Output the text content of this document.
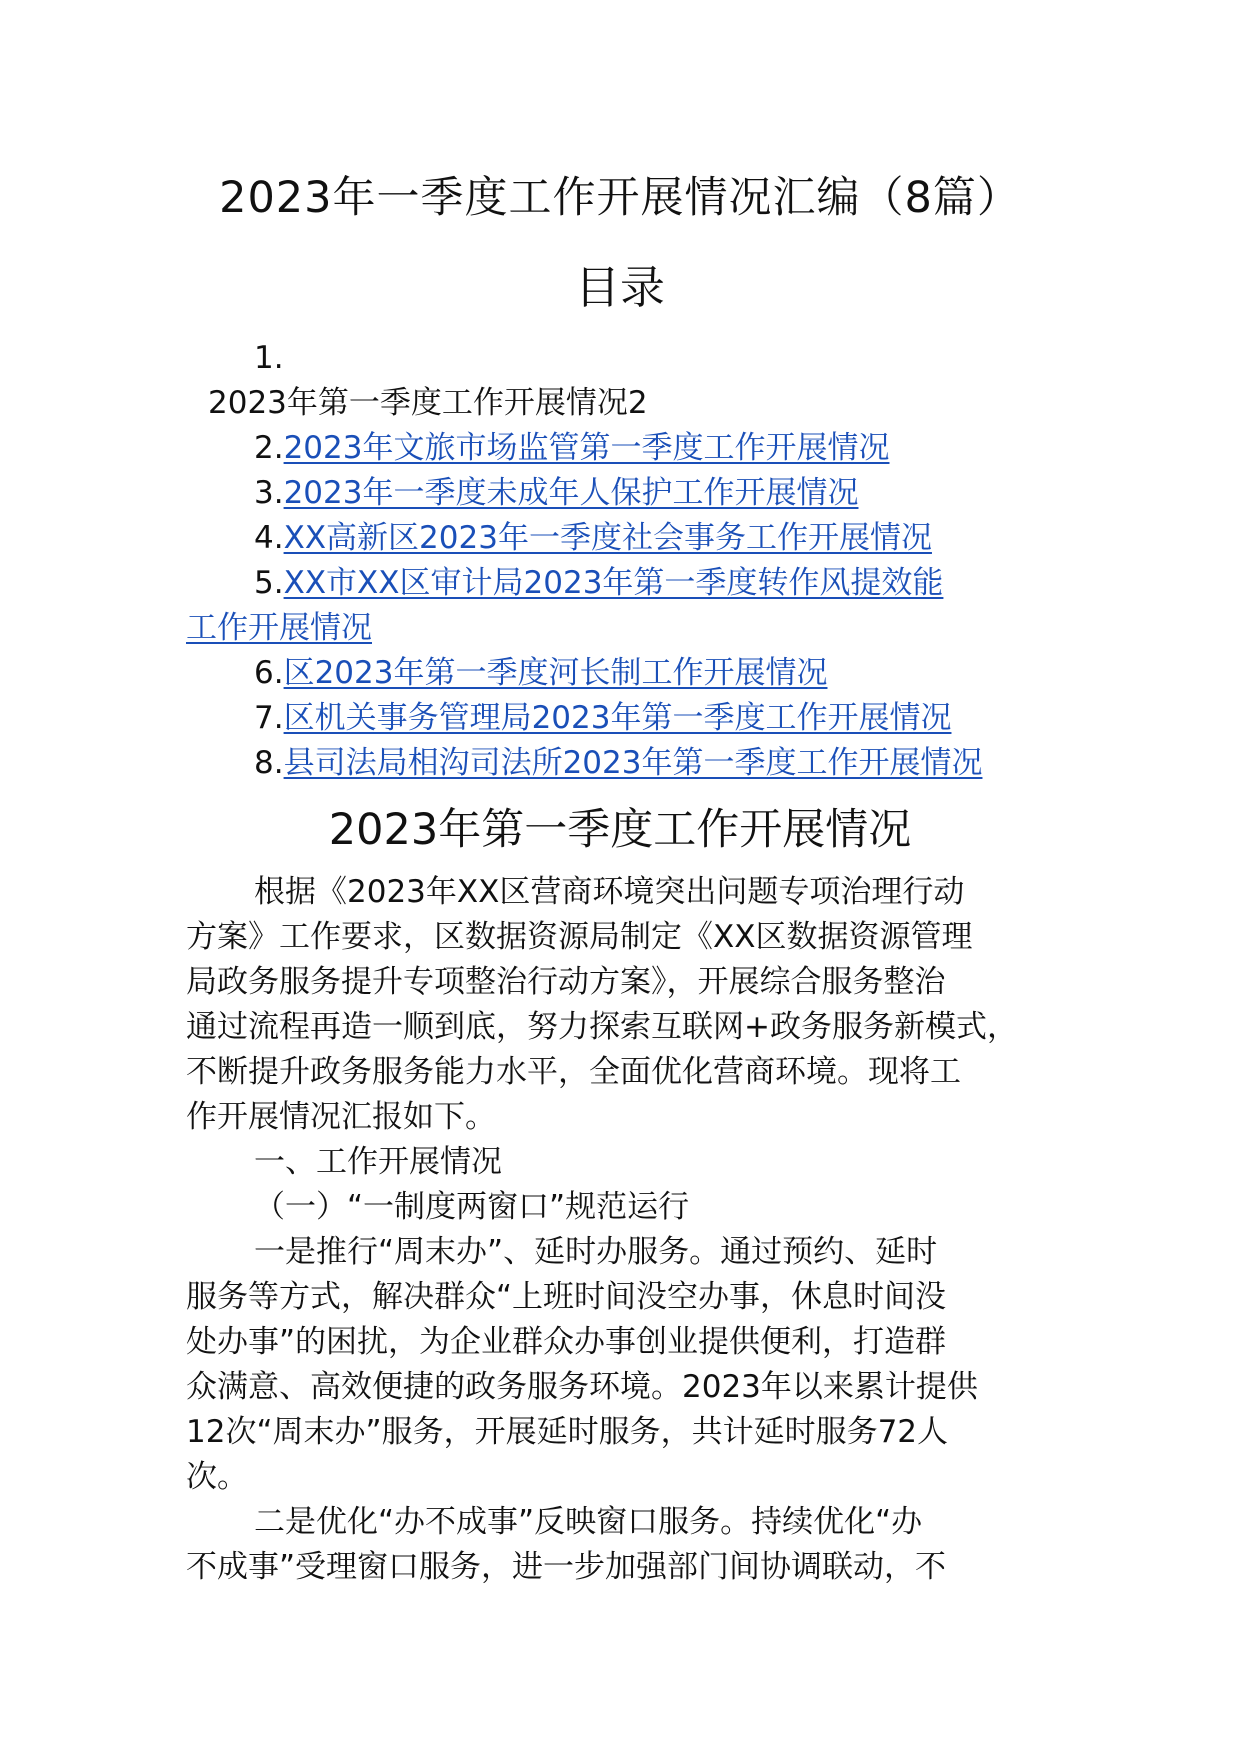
2023年一季度工作开展情况汇编（8篇）
目录
1.
2023年第一季度工作开展情况2
2.2023年文旅市场监管第一季度工作开展情况
3.2023年一季度未成年人保护工作开展情况
4.XX高新区2023年一季度社会事务工作开展情况
5.XX市XX区审计局2023年第一季度转作风提效能
工作开展情况
6.区2023年第一季度河长制工作开展情况
7.区机关事务管理局2023年第一季度工作开展情况
8.县司法局相沟司法所2023年第一季度工作开展情况
2023年第一季度工作开展情况
根据《2023年XX区营商环境突出问题专项治理行动
方案》工作要求，区数据资源局制定《XX区数据资源管理
局政务服务提升专项整治行动方案》，开展综合服务整治
通过流程再造一顺到底，努力探索互联网+政务服务新模式，
不断提升政务服务能力水平，全面优化营商环境。现将工
作开展情况汇报如下。
一、工作开展情况
（一）“一制度两窗口”规范运行
一是推行“周末办”、延时办服务。通过预约、延时
服务等方式，解决群众“上班时间没空办事，休息时间没
处办事”的困扰，为企业群众办事创业提供便利，打造群
众满意、高效便捷的政务服务环境。2023年以来累计提供
12次“周末办”服务，开展延时服务，共计延时服务72人
次。
二是优化“办不成事”反映窗口服务。持续优化“办
不成事”受理窗口服务，进一步加强部门间协调联动，不
